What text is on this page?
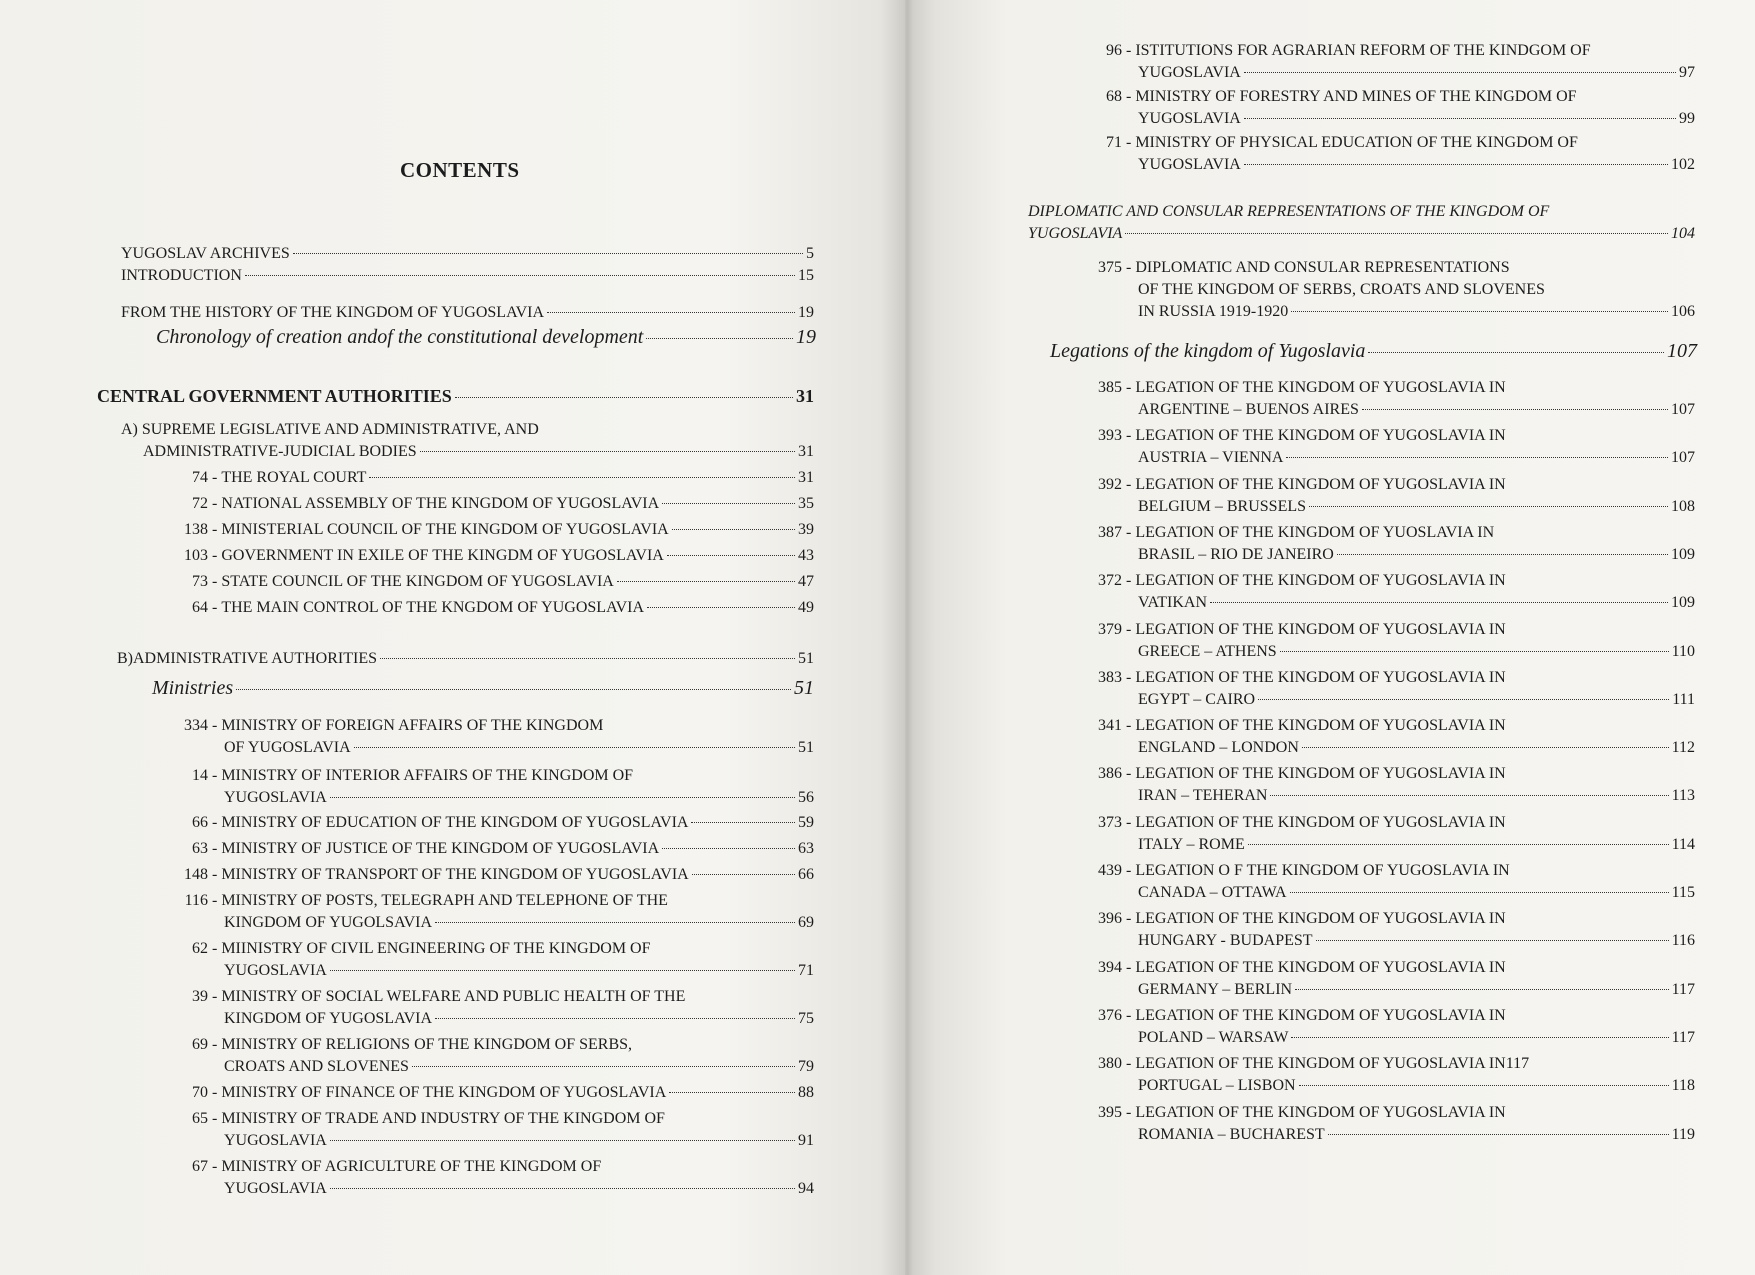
CONTENTS
YUGOSLAV ARCHIVES	5
INTRODUCTION	15
FROM THE HISTORY OF THE KINGDOM OF YUGOSLAVIA	19
Chronology of creation andof the constitutional development	19
CENTRAL GOVERNMENT AUTHORITIES	31
A) SUPREME LEGISLATIVE AND ADMINISTRATIVE, AND
ADMINISTRATIVE-JUDICIAL BODIES	31
74 - THE ROYAL COURT	31
72 - NATIONAL ASSEMBLY OF THE KINGDOM OF YUGOSLAVIA	35
138 - MINISTERIAL COUNCIL OF THE KINGDOM OF YUGOSLAVIA	39
103 - GOVERNMENT IN EXILE OF THE KINGDM OF YUGOSLAVIA	43
73 - STATE COUNCIL OF THE KINGDOM OF YUGOSLAVIA	47
64 - THE MAIN CONTROL OF THE KNGDOM OF YUGOSLAVIA	49
B)ADMINISTRATIVE AUTHORITIES	51
Ministries	51
334 - MINISTRY OF FOREIGN AFFAIRS OF THE KINGDOM
OF YUGOSLAVIA	51
14 - MINISTRY OF INTERIOR AFFAIRS OF THE KINGDOM OF
YUGOSLAVIA	56
66 - MINISTRY OF EDUCATION OF THE KINGDOM OF YUGOSLAVIA	59
63 - MINISTRY OF JUSTICE OF THE KINGDOM OF YUGOSLAVIA	63
148 - MINISTRY OF TRANSPORT OF THE KINGDOM OF YUGOSLAVIA	66
116 - MINISTRY OF POSTS, TELEGRAPH AND TELEPHONE OF THE
KINGDOM OF YUGOLSAVIA	69
62 - MIINISTRY OF CIVIL ENGINEERING OF THE KINGDOM OF
YUGOSLAVIA	71
39 - MINISTRY OF SOCIAL WELFARE AND PUBLIC HEALTH OF THE
KINGDOM OF YUGOSLAVIA	75
69 - MINISTRY OF RELIGIONS OF THE KINGDOM OF SERBS,
CROATS AND SLOVENES	79
70 - MINISTRY OF FINANCE OF THE KINGDOM OF YUGOSLAVIA	88
65 - MINISTRY OF TRADE AND INDUSTRY OF THE KINGDOM OF
YUGOSLAVIA	91
67 - MINISTRY OF AGRICULTURE OF THE KINGDOM OF
YUGOSLAVIA	94
96 - ISTITUTIONS FOR AGRARIAN REFORM OF THE KINDGOM OF
YUGOSLAVIA	97
68 - MINISTRY OF FORESTRY AND MINES OF THE KINGDOM OF
YUGOSLAVIA	99
71 - MINISTRY OF PHYSICAL EDUCATION OF THE KINGDOM OF
YUGOSLAVIA	102
DIPLOMATIC AND CONSULAR REPRESENTATIONS OF THE KINGDOM OF
YUGOSLAVIA	104
375 - DIPLOMATIC AND CONSULAR REPRESENTATIONS
OF THE KINGDOM OF SERBS, CROATS AND SLOVENES
IN RUSSIA 1919-1920	106
Legations of the kingdom of Yugoslavia	107
385 - LEGATION OF THE KINGDOM OF YUGOSLAVIA IN
ARGENTINE – BUENOS AIRES	107
393 - LEGATION OF THE KINGDOM OF YUGOSLAVIA IN
AUSTRIA – VIENNA	107
392 - LEGATION OF THE KINGDOM OF YUGOSLAVIA IN
BELGIUM – BRUSSELS	108
387 - LEGATION OF THE KINGDOM OF YUOSLAVIA IN
BRASIL – RIO DE JANEIRO	109
372 - LEGATION OF THE KINGDOM OF YUGOSLAVIA IN
VATIKAN	109
379 - LEGATION OF THE KINGDOM OF YUGOSLAVIA IN
GREECE – ATHENS	110
383 - LEGATION OF THE KINGDOM OF YUGOSLAVIA IN
EGYPT – CAIRO	111
341 - LEGATION OF THE KINGDOM OF YUGOSLAVIA IN
ENGLAND – LONDON	112
386 - LEGATION OF THE KINGDOM OF YUGOSLAVIA IN
IRAN – TEHERAN	113
373 - LEGATION OF THE KINGDOM OF YUGOSLAVIA IN
ITALY – ROME	114
439 - LEGATION O F THE KINGDOM OF YUGOSLAVIA IN
CANADA – OTTAWA	115
396 - LEGATION OF THE KINGDOM OF YUGOSLAVIA IN
HUNGARY - BUDAPEST	116
394 - LEGATION OF THE KINGDOM OF YUGOSLAVIA IN
GERMANY – BERLIN	117
376 - LEGATION OF THE KINGDOM OF YUGOSLAVIA IN
POLAND – WARSAW	117
380 - LEGATION OF THE KINGDOM OF YUGOSLAVIA IN117
PORTUGAL – LISBON	118
395 - LEGATION OF THE KINGDOM OF YUGOSLAVIA IN
ROMANIA – BUCHAREST	119
